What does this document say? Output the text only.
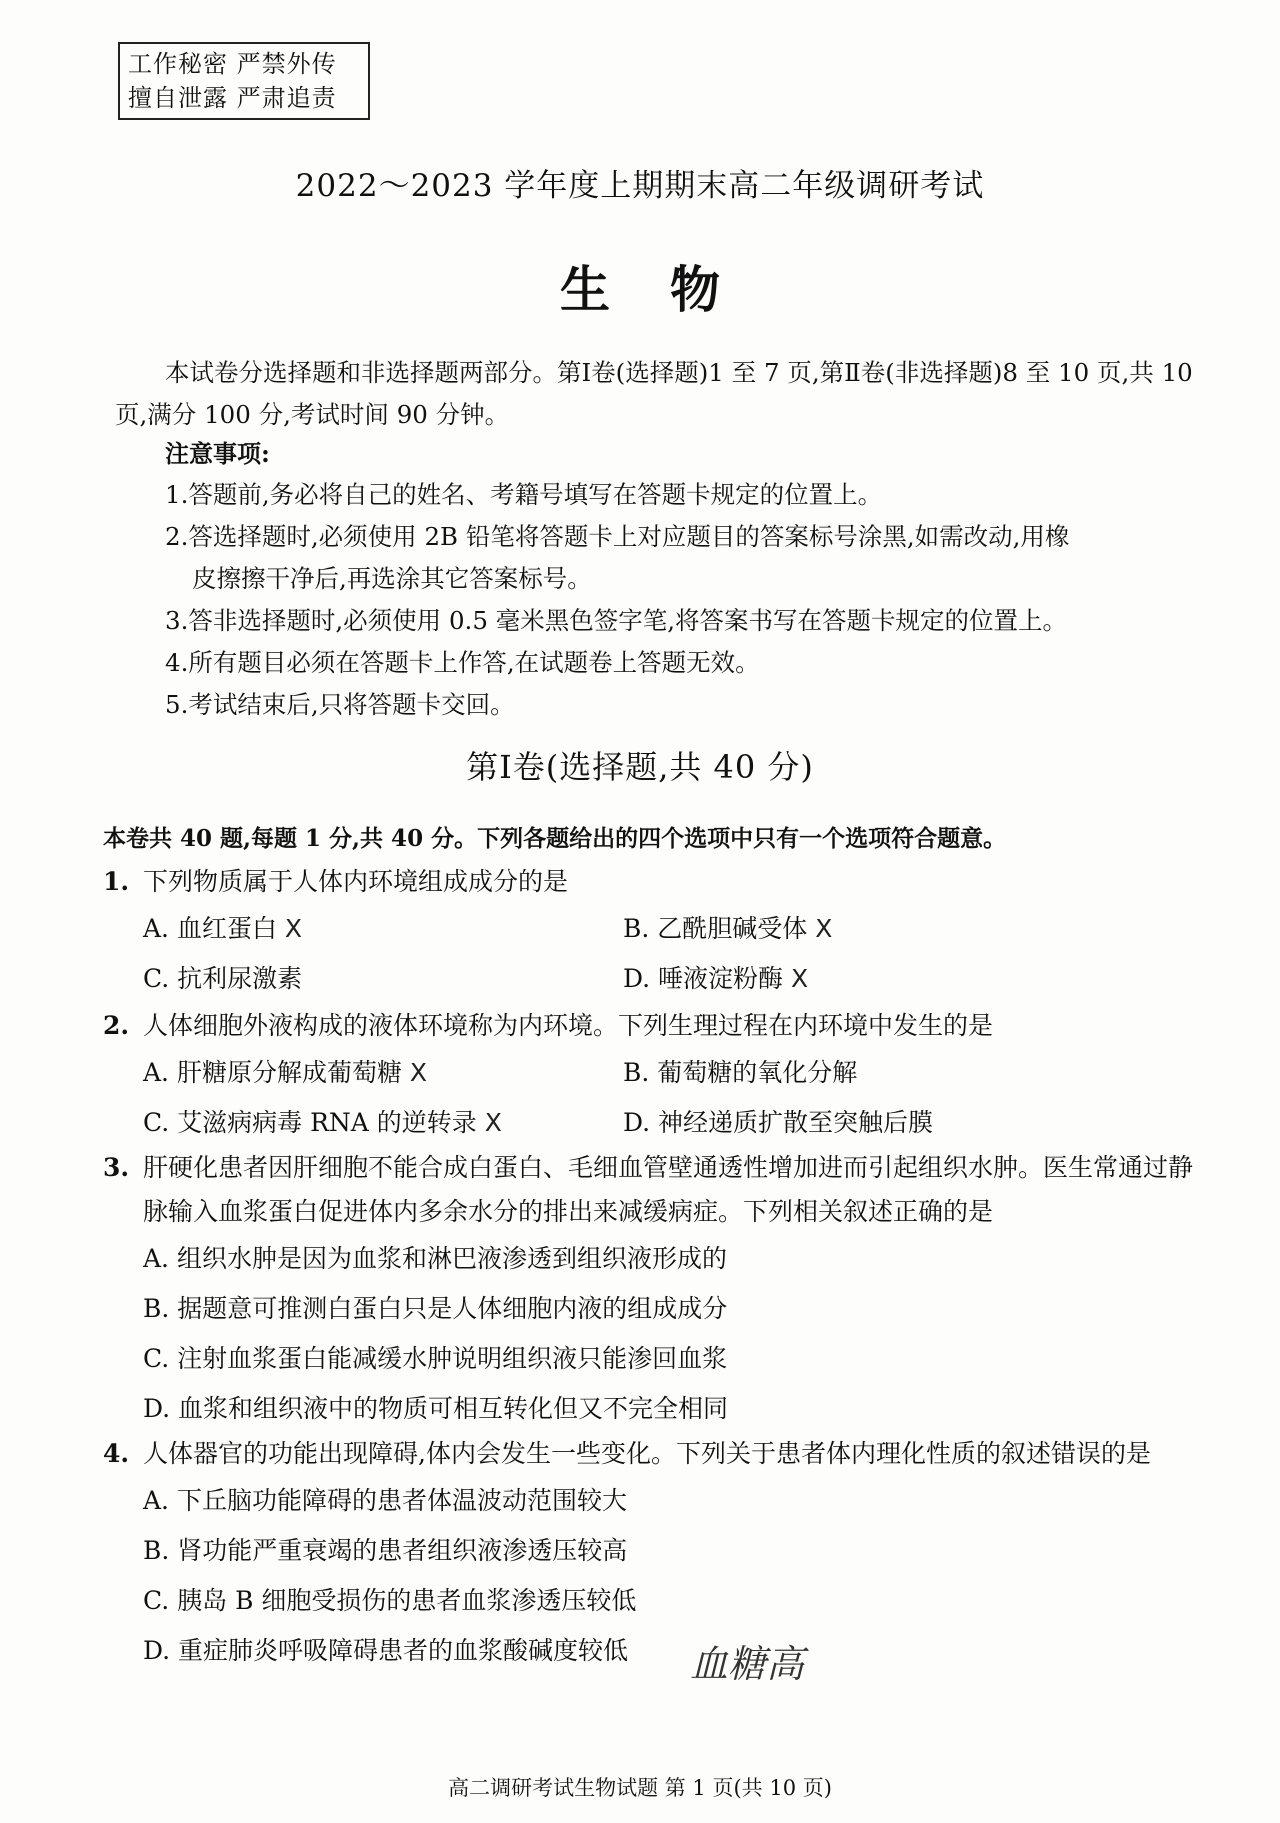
工作秘密 严禁外传
擅自泄露 严肃追责
2022～2023 学年度上期期末高二年级调研考试
生物
本试卷分选择题和非选择题两部分。第Ⅰ卷(选择题)1 至 7 页,第Ⅱ卷(非选择题)8 至 10 页,共 10 页,满分 100 分,考试时间 90 分钟。
注意事项:
1.答题前,务必将自己的姓名、考籍号填写在答题卡规定的位置上。
2.答选择题时,必须使用 2B 铅笔将答题卡上对应题目的答案标号涂黑,如需改动,用橡
皮擦擦干净后,再选涂其它答案标号。
3.答非选择题时,必须使用 0.5 毫米黑色签字笔,将答案书写在答题卡规定的位置上。
4.所有题目必须在答题卡上作答,在试题卷上答题无效。
5.考试结束后,只将答题卡交回。
第Ⅰ卷(选择题,共 40 分)
本卷共 40 题,每题 1 分,共 40 分。下列各题给出的四个选项中只有一个选项符合题意。
1. 下列物质属于人体内环境组成成分的是
A. 血红蛋白 X	B. 乙酰胆碱受体 X
C. 抗利尿激素	D. 唾液淀粉酶 X
2. 人体细胞外液构成的液体环境称为内环境。下列生理过程在内环境中发生的是
A. 肝糖原分解成葡萄糖 X	B. 葡萄糖的氧化分解
C. 艾滋病病毒 RNA 的逆转录 X	D. 神经递质扩散至突触后膜
3. 肝硬化患者因肝细胞不能合成白蛋白、毛细血管壁通透性增加进而引起组织水肿。医生常通过静脉输入血浆蛋白促进体内多余水分的排出来减缓病症。下列相关叙述正确的是
A. 组织水肿是因为血浆和淋巴液渗透到组织液形成的
B. 据题意可推测白蛋白只是人体细胞内液的组成成分
C. 注射血浆蛋白能减缓水肿说明组织液只能渗回血浆
D. 血浆和组织液中的物质可相互转化但又不完全相同
4. 人体器官的功能出现障碍,体内会发生一些变化。下列关于患者体内理化性质的叙述错误的是
A. 下丘脑功能障碍的患者体温波动范围较大
B. 肾功能严重衰竭的患者组织液渗透压较高
C. 胰岛 B 细胞受损伤的患者血浆渗透压较低
D. 重症肺炎呼吸障碍患者的血浆酸碱度较低	血糖高
高二调研考试生物试题 第 1 页(共 10 页)
